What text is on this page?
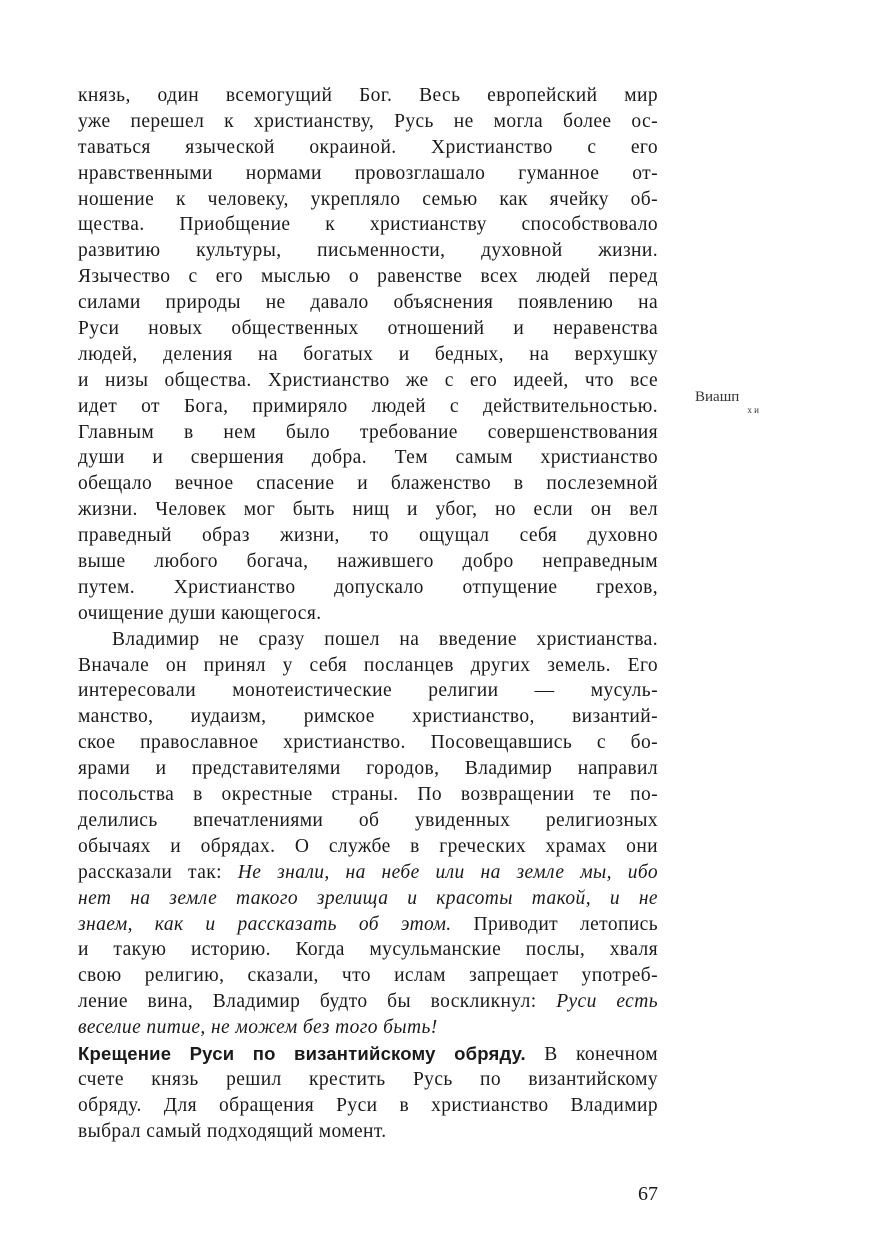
князь, один всемогущий Бог. Весь европейский мир
уже перешел к христианству, Русь не могла более ос-
таваться языческой окраиной. Христианство с его
нравственными нормами провозглашало гуманное от-
ношение к человеку, укрепляло семью как ячейку об-
щества. Приобщение к христианству способствовало
развитию культуры, письменности, духовной жизни.
Язычество с его мыслью о равенстве всех людей перед
силами природы не давало объяснения появлению на
Руси новых общественных отношений и неравенства
людей, деления на богатых и бедных, на верхушку
и низы общества. Христианство же с его идеей, что все
идет от Бога, примиряло людей с действительностью.
Главным в нем было требование совершенствования
души и свершения добра. Тем самым христианство
обещало вечное спасение и блаженство в послеземной
жизни. Человек мог быть нищ и убог, но если он вел
праведный образ жизни, то ощущал себя духовно
выше любого богача, нажившего добро неправедным
путем. Христианство допускало отпущение грехов,
очищение души кающегося.
Владимир не сразу пошел на введение христианства.
Вначале он принял у себя посланцев других земель. Его
интересовали монотеистические религии — мусуль-
манство, иудаизм, римское христианство, византий-
ское православное христианство. Посовещавшись с бо-
ярами и представителями городов, Владимир направил
посольства в окрестные страны. По возвращении те по-
делились впечатлениями об увиденных религиозных
обычаях и обрядах. О службе в греческих храмах они
рассказали так: Не знали, на небе или на земле мы, ибо
нет на земле такого зрелища и красоты такой, и не
знаем, как и рассказать об этом. Приводит летопись
и такую историю. Когда мусульманские послы, хваля
свою религию, сказали, что ислам запрещает употреб-
ление вина, Владимир будто бы воскликнул: Руси есть
веселие питие, не можем без того быть!
Крещение Руси по византийскому обряду. В конечном
счете князь решил крестить Русь по византийскому
обряду. Для обращения Руси в христианство Владимир
выбрал самый подходящий момент.
Виашп
х и
67
